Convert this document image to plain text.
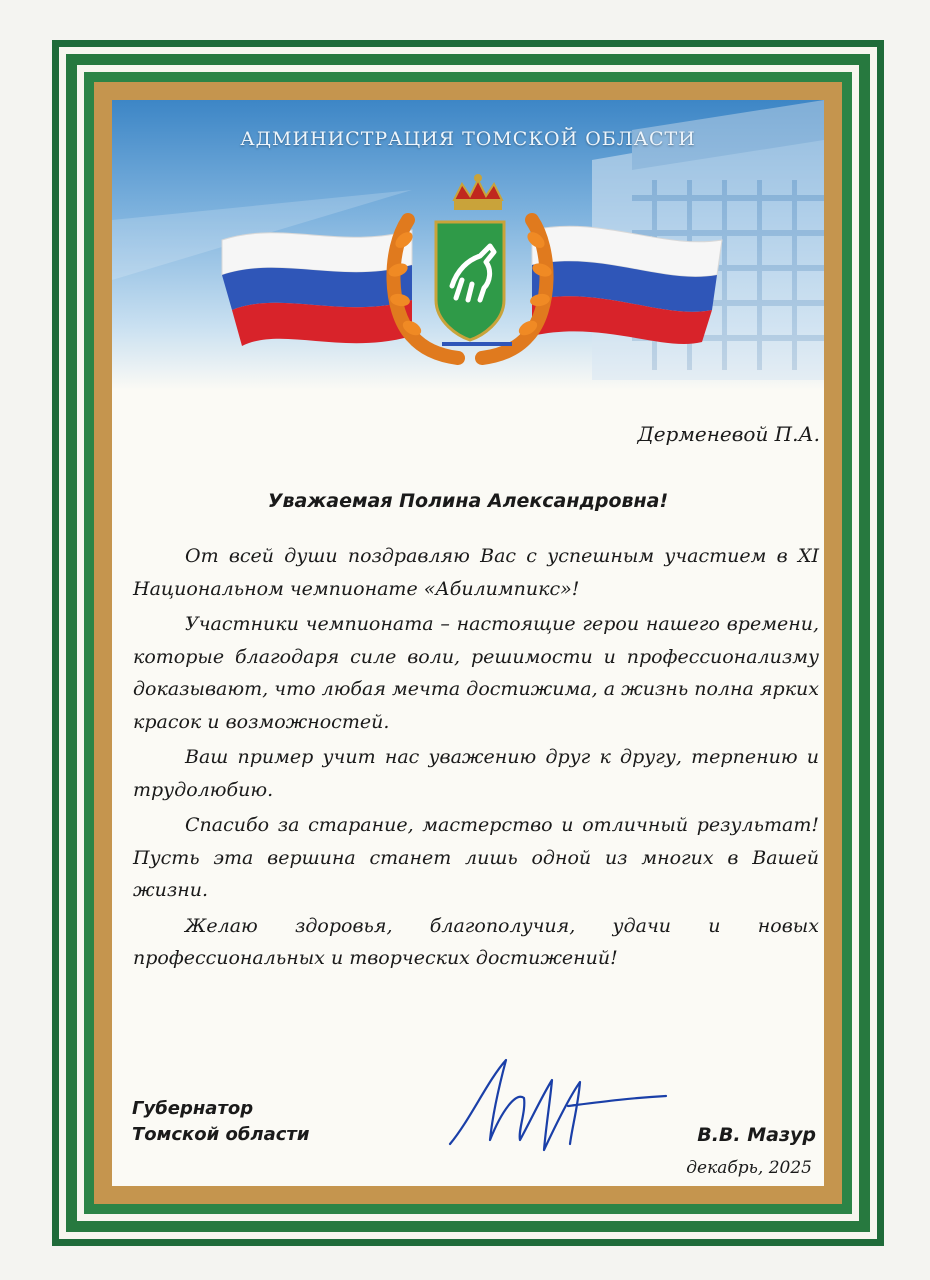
АДМИНИСТРАЦИЯ ТОМСКОЙ ОБЛАСТИ
Дерменевой П.А.
Уважаемая Полина Александровна!

От всей души поздравляю Вас с успешным участием в XI Национальном чемпионате «Абилимпикс»!

Участники чемпионата – настоящие герои нашего времени, которые благодаря силе воли, решимости и профессионализму доказывают, что любая мечта достижима, а жизнь полна ярких красок и возможностей.

Ваш пример учит нас уважению друг к другу, терпению и трудолюбию.

Спасибо за старание, мастерство и отличный результат! Пусть эта вершина станет лишь одной из многих в Вашей жизни.

Желаю здоровья, благополучия, удачи и новых профессиональных и творческих достижений!

Губернатор
Томской области	В.В. Мазур
декабрь, 2025
